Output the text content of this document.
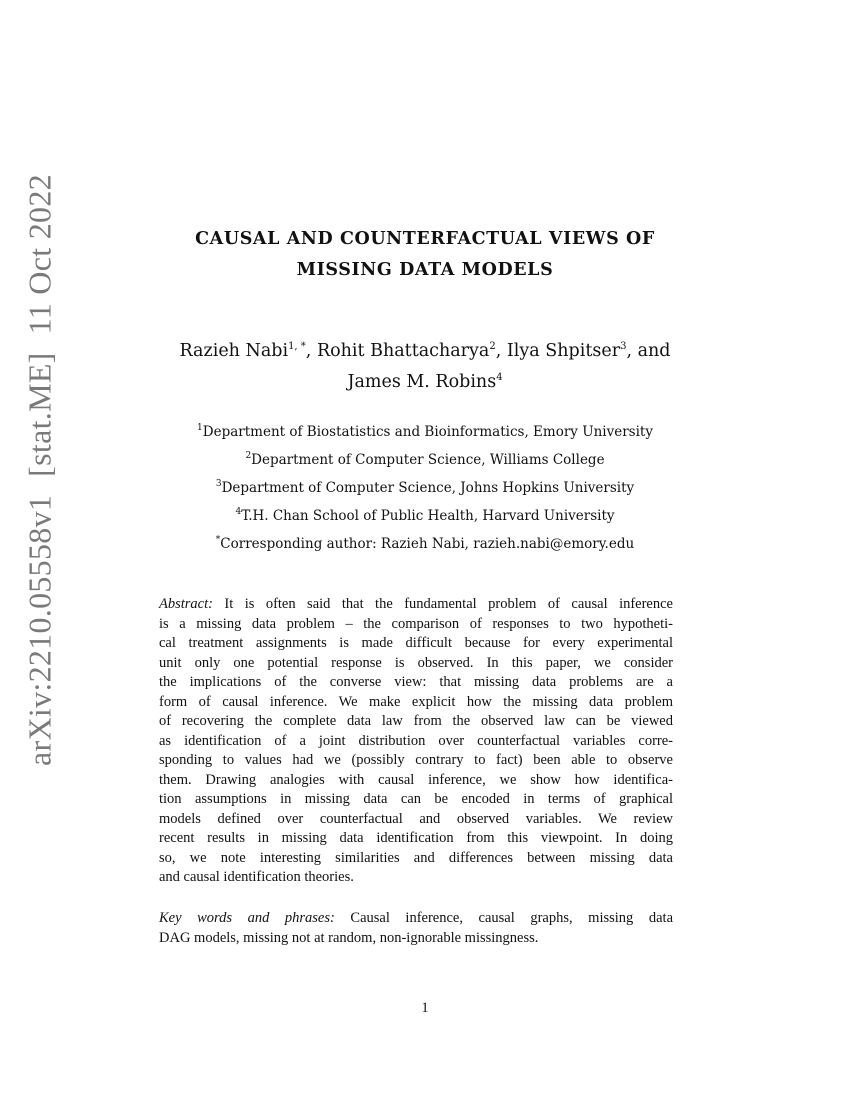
arXiv:2210.05558v1[stat.ME]11 Oct 2022	CAUSAL AND COUNTERFACTUAL VIEWS OF
MISSING DATA MODELS
Razieh Nabi$^{1, *}$, Rohit Bhattacharya$^2$, Ilya Shpitser$^3$, and
James M. Robins$^4$
$^1$Department of Biostatistics and Bioinformatics, Emory University
$^2$Department of Computer Science, Williams College
$^3$Department of Computer Science, Johns Hopkins University
$^4$T.H. Chan School of Public Health, Harvard University
*Corresponding author: Razieh Nabi, razieh.nabi@emory.edu
Abstract: It is often said that the fundamental problem of causal inference
is a missing data problem – the comparison of responses to two hypotheti-
cal treatment assignments is made difficult because for every experimental
unit only one potential response is observed. In this paper, we consider
the implications of the converse view: that missing data problems are a
form of causal inference. We make explicit how the missing data problem
of recovering the complete data law from the observed law can be viewed
as identification of a joint distribution over counterfactual variables corre-
sponding to values had we (possibly contrary to fact) been able to observe
them. Drawing analogies with causal inference, we show how identifica-
tion assumptions in missing data can be encoded in terms of graphical
models defined over counterfactual and observed variables. We review
recent results in missing data identification from this viewpoint. In doing
so, we note interesting similarities and differences between missing data
and causal identification theories.
Key words and phrases: Causal inference, causal graphs, missing data
DAG models, missing not at random, non-ignorable missingness.
1
